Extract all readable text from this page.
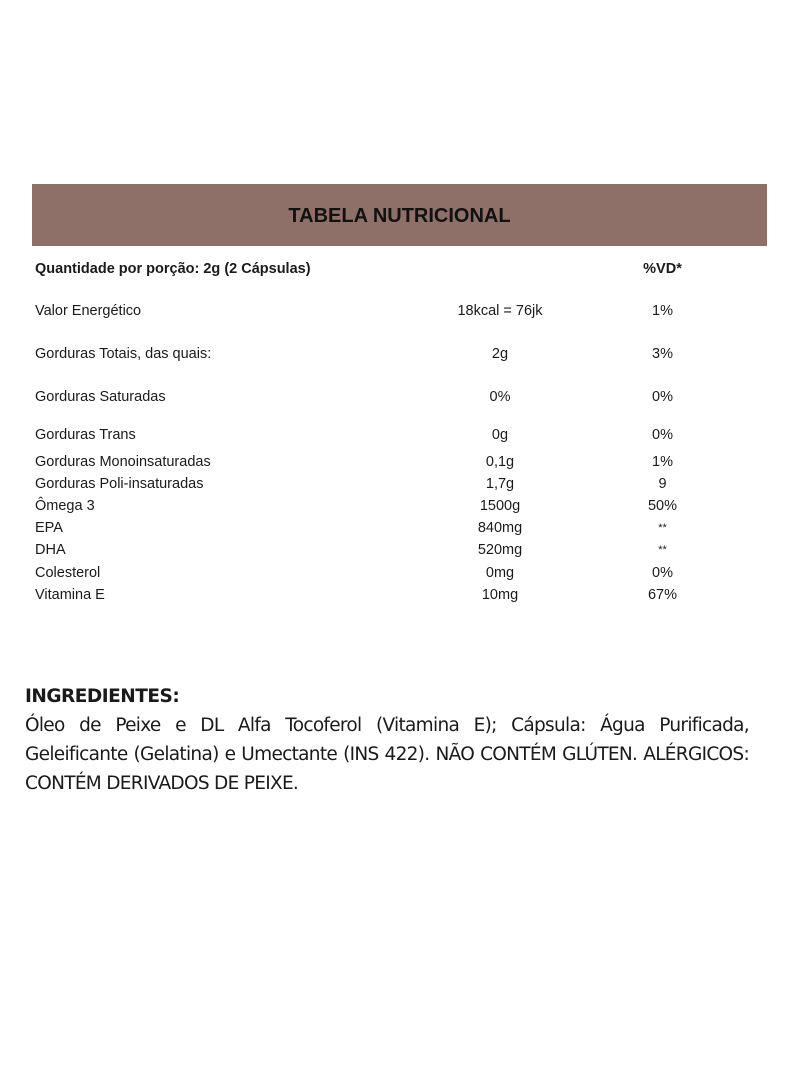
TABELA NUTRICIONAL
Quantidade por porção: 2g (2 Cápsulas)	%VD*
Valor Energético	18kcal = 76jk	1%
Gorduras Totais, das quais:	2g	3%
Gorduras Saturadas	0%	0%
Gorduras Trans	0g	0%
Gorduras Monoinsaturadas	0,1g	1%
Gorduras Poli-insaturadas	1,7g	9
Ômega 3	1500g	50%
EPA	840mg	**
DHA	520mg	**
Colesterol	0mg	0%
Vitamina E	10mg	67%
INGREDIENTES:
Óleo de Peixe e DL Alfa Tocoferol (Vitamina E); Cápsula: Água Purificada, Geleificante (Gelatina) e Umectante (INS 422). NÃO CONTÉM GLÚTEN. ALÉRGICOS: CONTÉM DERIVADOS DE PEIXE.
